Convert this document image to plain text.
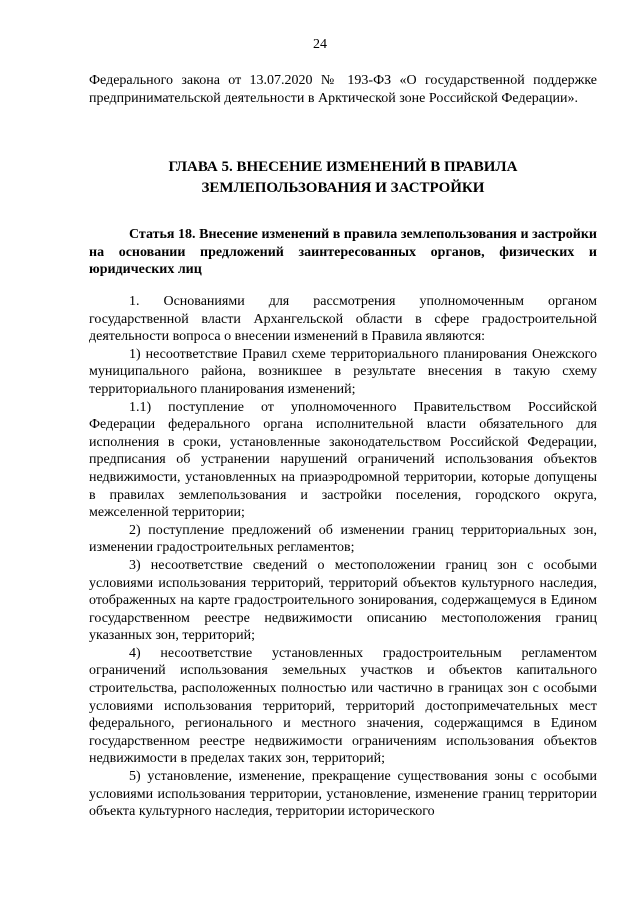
24

Федерального закона от 13.07.2020 № 193-ФЗ «О государственной поддержке предпринимательской деятельности в Арктической зоне Российской Федерации».

ГЛАВА 5. ВНЕСЕНИЕ ИЗМЕНЕНИЙ В ПРАВИЛА
ЗЕМЛЕПОЛЬЗОВАНИЯ И ЗАСТРОЙКИ
Статья 18. Внесение изменений в правила землепользования и застройки на основании предложений заинтересованных органов, физических и юридических лиц

1. Основаниями для рассмотрения уполномоченным органом государственной власти Архангельской области в сфере градостроительной деятельности вопроса о внесении изменений в Правила являются:

1) несоответствие Правил схеме территориального планирования Онежского муниципального района, возникшее в результате внесения в такую схему территориального планирования изменений;

1.1) поступление от уполномоченного Правительством Российской Федерации федерального органа исполнительной власти обязательного для исполнения в сроки, установленные законодательством Российской Федерации, предписания об устранении нарушений ограничений использования объектов недвижимости, установленных на приаэродромной территории, которые допущены в правилах землепользования и застройки поселения, городского округа, межселенной территории;

2) поступление предложений об изменении границ территориальных зон, изменении градостроительных регламентов;

3) несоответствие сведений о местоположении границ зон с особыми условиями использования территорий, территорий объектов культурного наследия, отображенных на карте градостроительного зонирования, содержащемуся в Едином государственном реестре недвижимости описанию местоположения границ указанных зон, территорий;

4) несоответствие установленных градостроительным регламентом ограничений использования земельных участков и объектов капитального строительства, расположенных полностью или частично в границах зон с особыми условиями использования территорий, территорий достопримечательных мест федерального, регионального и местного значения, содержащимся в Едином государственном реестре недвижимости ограничениям использования объектов недвижимости в пределах таких зон, территорий;

5) установление, изменение, прекращение существования зоны с особыми условиями использования территории, установление, изменение границ территории объекта культурного наследия, территории исторического
